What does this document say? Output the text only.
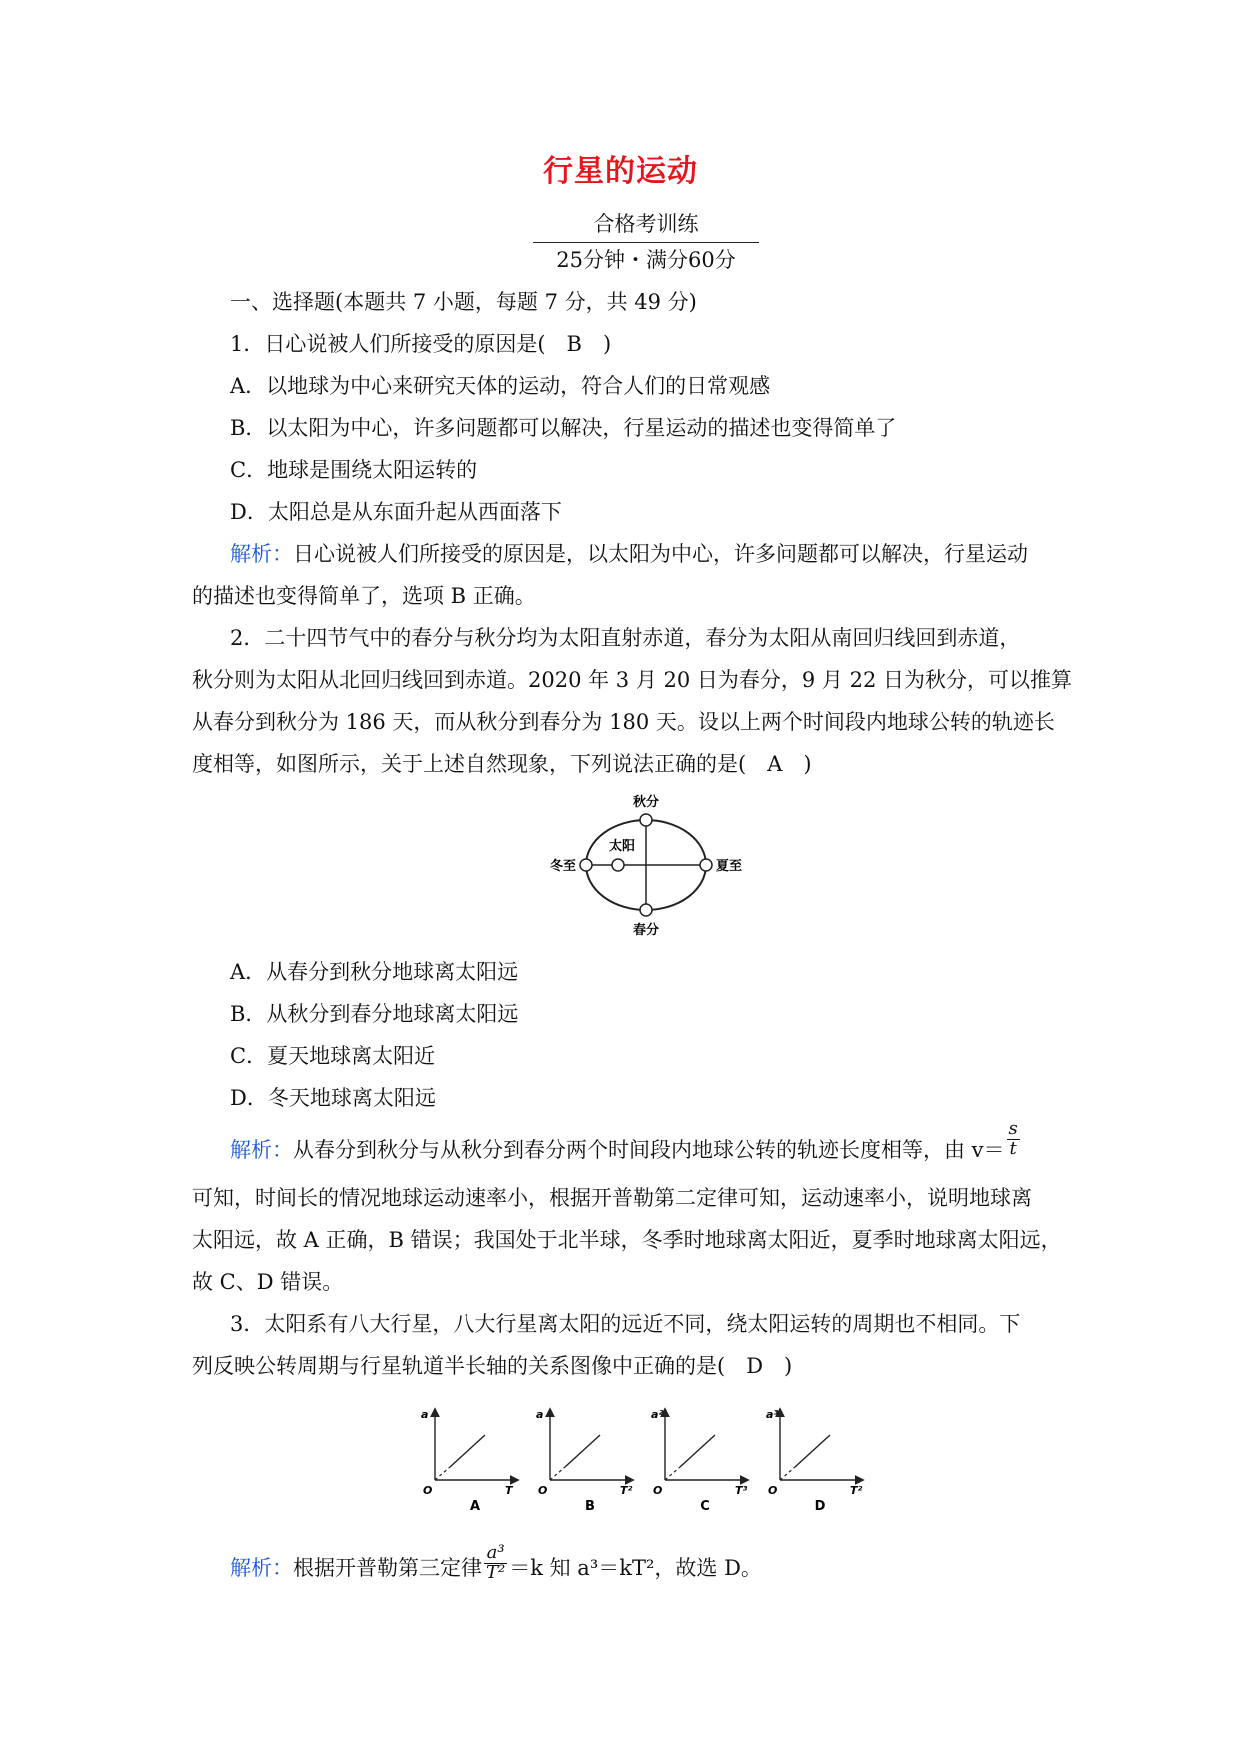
行星的运动
合格考训练
25分钟・满分60分
一、选择题(本题共 7 小题，每题 7 分，共 49 分)
1．日心说被人们所接受的原因是(　B　)
A．以地球为中心来研究天体的运动，符合人们的日常观感
B．以太阳为中心，许多问题都可以解决，行星运动的描述也变得简单了
C．地球是围绕太阳运转的
D．太阳总是从东面升起从西面落下
解析：日心说被人们所接受的原因是，以太阳为中心，许多问题都可以解决，行星运动
的描述也变得简单了，选项 B 正确。
2．二十四节气中的春分与秋分均为太阳直射赤道，春分为太阳从南回归线回到赤道，
秋分则为太阳从北回归线回到赤道。2020 年 3 月 20 日为春分，9 月 22 日为秋分，可以推算
从春分到秋分为 186 天，而从秋分到春分为 180 天。设以上两个时间段内地球公转的轨迹长
度相等，如图所示，关于上述自然现象，下列说法正确的是(　A　)
秋分
春分
冬至	夏至
太阳
A．从春分到秋分地球离太阳远
B．从秋分到春分地球离太阳远
C．夏天地球离太阳近
D．冬天地球离太阳远
解析：从春分到秋分与从秋分到春分两个时间段内地球公转的轨迹长度相等，由 $v= \frac{s}{t}$
可知，时间长的情况地球运动速率小，根据开普勒第二定律可知，运动速率小，说明地球离
太阳远，故 A 正确，B 错误；我国处于北半球，冬季时地球离太阳近，夏季时地球离太阳远，
故 C、D 错误。
3．太阳系有八大行星，八大行星离太阳的远近不同，绕太阳运转的周期也不相同。下
列反映公转周期与行星轨道半长轴的关系图像中正确的是(　D　)
a
T
O
A
a
T²
O
B
a²
T³
O
C
a³
T²
O
D
解析：根据开普勒第三定律 $\frac{\text{a³}}{\text{T²}} =k$ 知 a³＝kT²，故选 D。
